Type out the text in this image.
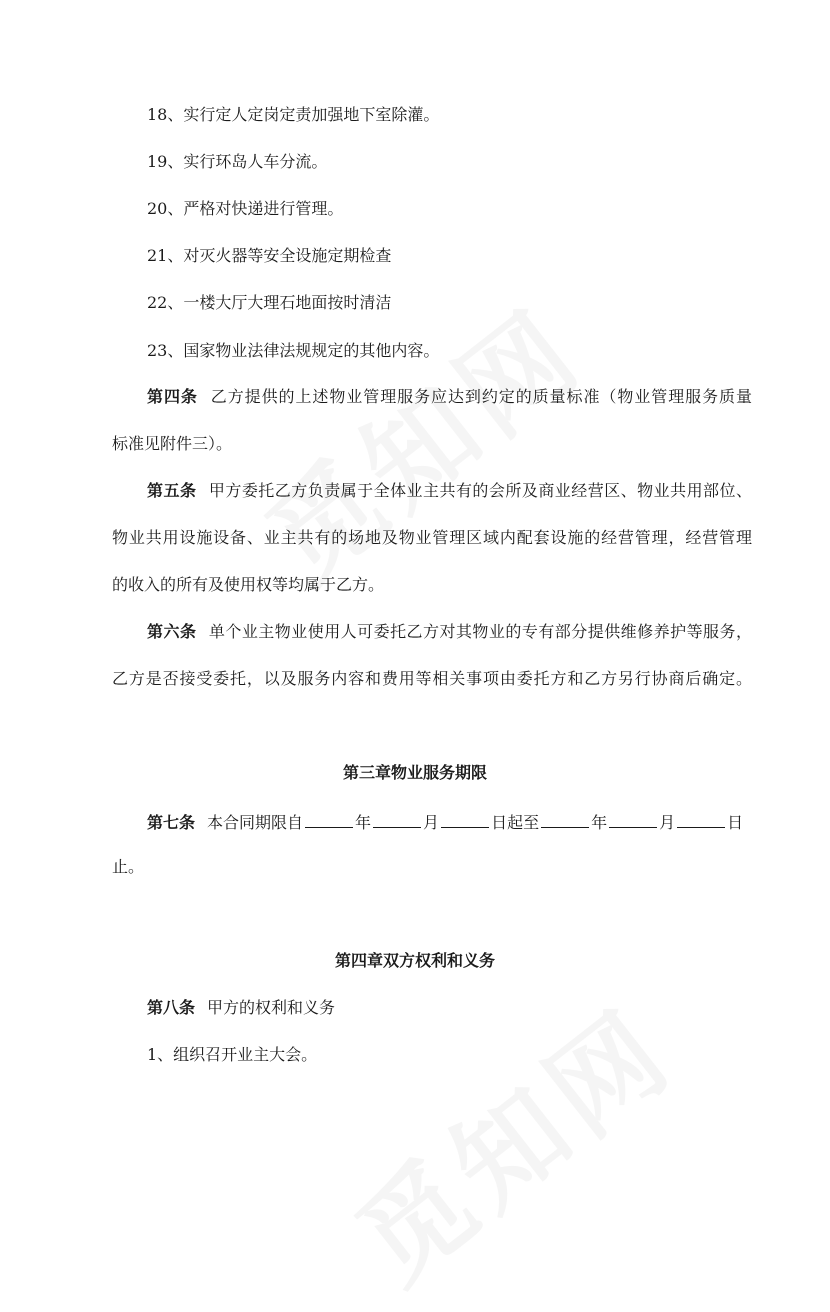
18、实行定人定岗定责加强地下室除灌。
19、实行环岛人车分流。
20、严格对快递进行管理。
21、对灭火器等安全设施定期检查
22、一楼大厅大理石地面按时清洁
23、国家物业法律法规规定的其他内容。
第四条 乙方提供的上述物业管理服务应达到约定的质量标准（物业管理服务质量
标准见附件三）。
第五条 甲方委托乙方负责属于全体业主共有的会所及商业经营区、物业共用部位、
物业共用设施设备、业主共有的场地及物业管理区域内配套设施的经营管理，经营管理
的收入的所有及使用权等均属于乙方。
第六条 单个业主物业使用人可委托乙方对其物业的专有部分提供维修养护等服务，
乙方是否接受委托，以及服务内容和费用等相关事项由委托方和乙方另行协商后确定。
第三章物业服务期限
第七条 本合同期限自	年	月	日起至	年	月	日
止。
第四章双方权利和义务
第八条 甲方的权利和义务
1、组织召开业主大会。
